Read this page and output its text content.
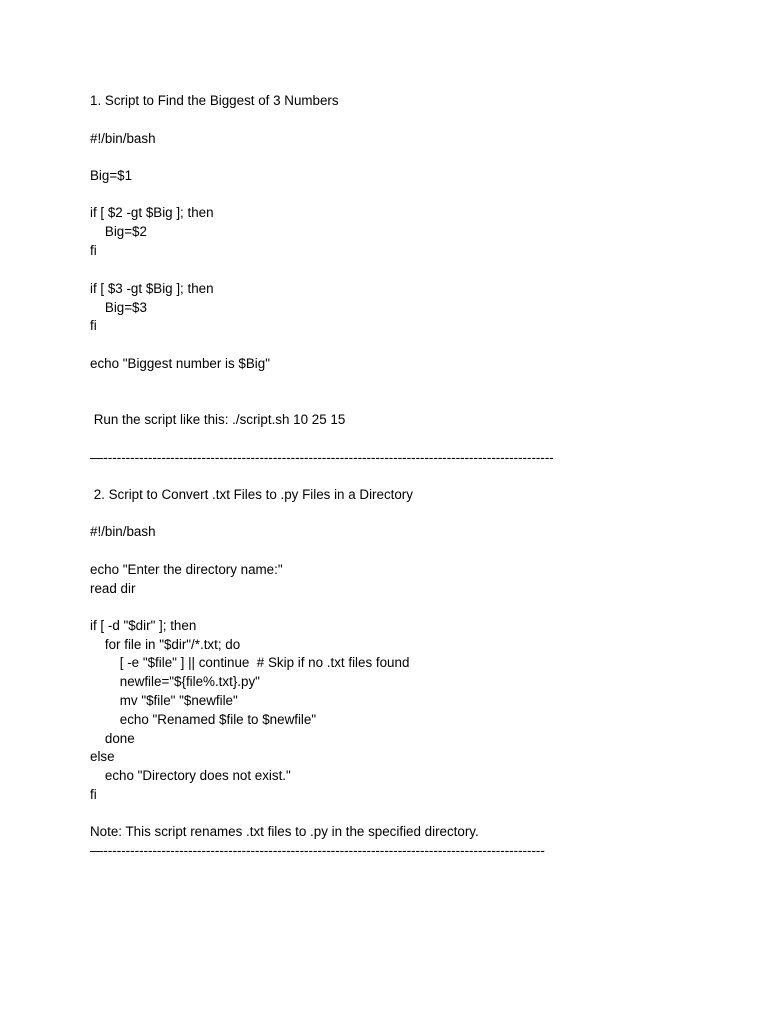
1. Script to Find the Biggest of 3 Numbers

#!/bin/bash

Big=$1

if [ $2 -gt $Big ]; then

Big=$2

fi

if [ $3 -gt $Big ]; then

Big=$3

fi

echo "Biggest number is $Big"

Run the script like this: ./script.sh 10 25 15

—-----------------------------------------------------------------------------------------------------

2. Script to Convert .txt Files to .py Files in a Directory

#!/bin/bash

echo "Enter the directory name:"

read dir

if [ -d "$dir" ]; then

for file in "$dir"/*.txt; do

[ -e "$file" ] || continue  # Skip if no .txt files found

newfile="${file%.txt}.py"

mv "$file" "$newfile"

echo "Renamed $file to $newfile"

done

else

echo "Directory does not exist."

fi

Note: This script renames .txt files to .py in the specified directory.

—---------------------------------------------------------------------------------------------------
